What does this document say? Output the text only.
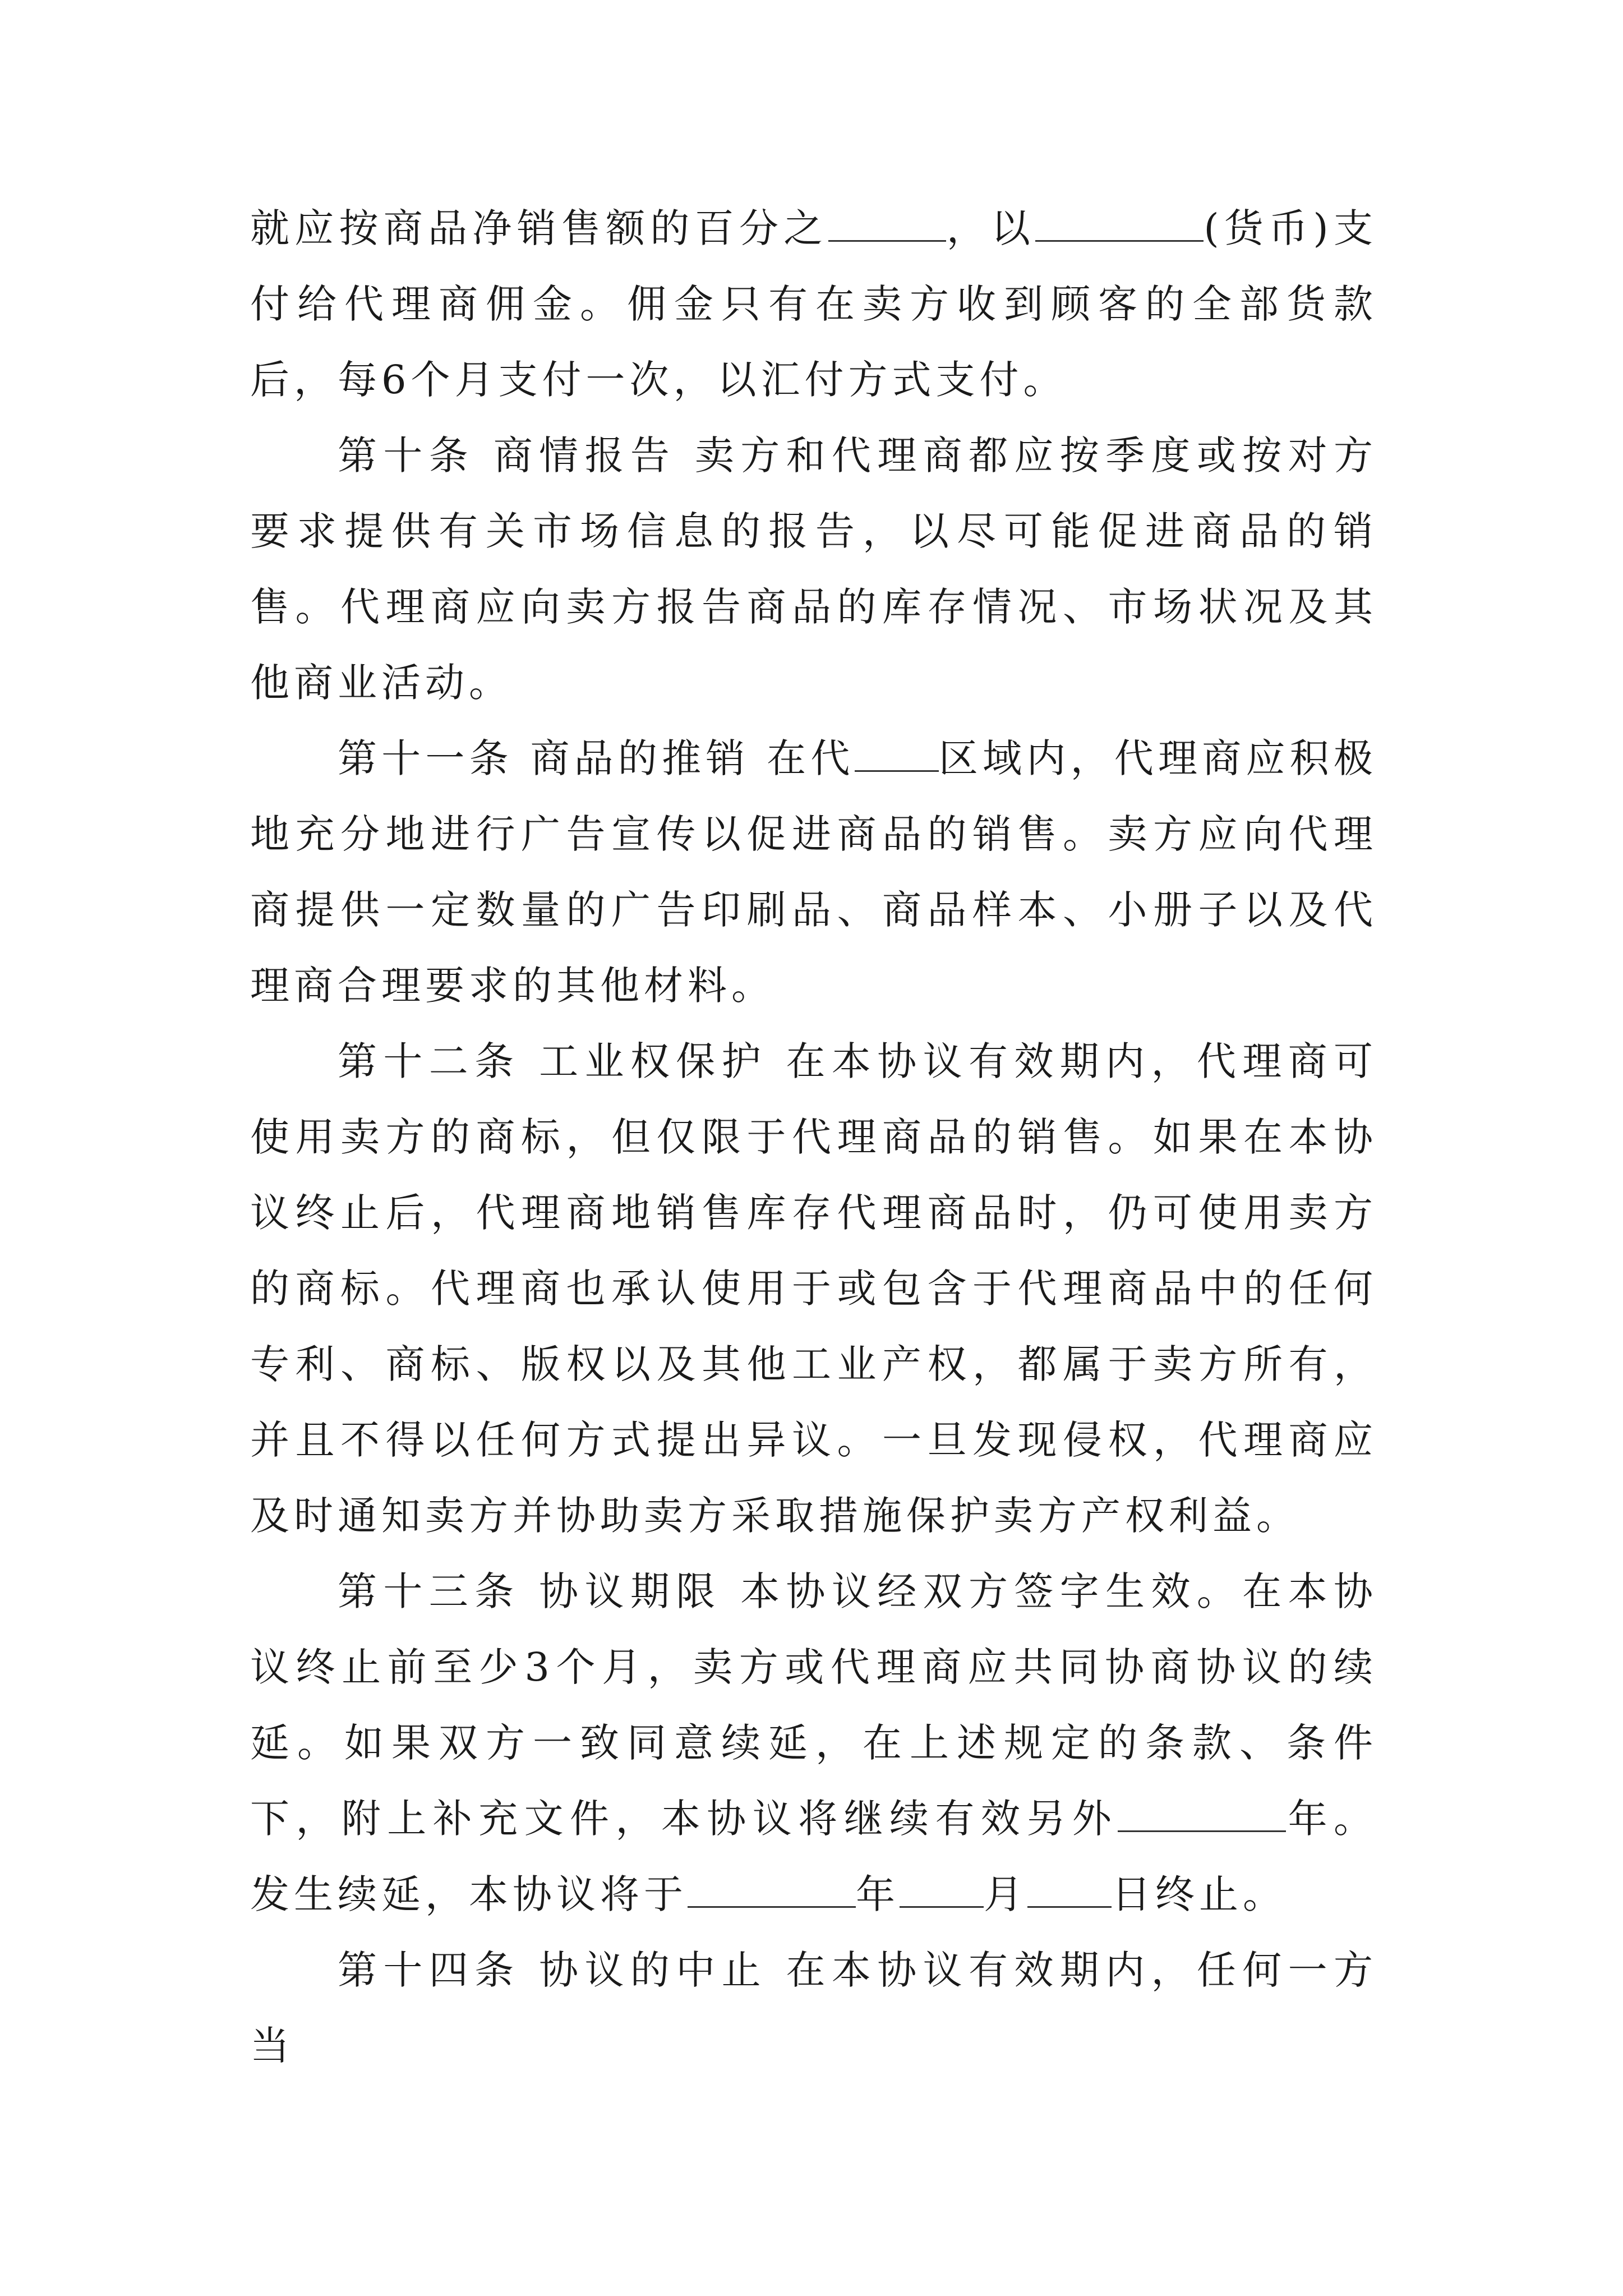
就应按商品净销售额的百分之	，以	(货币)支付给代理商佣金。佣金只有在卖方收到顾客的全部货款后，每6个月支付一次，以汇付方式支付。

第十条 商情报告 卖方和代理商都应按季度或按对方要求提供有关市场信息的报告，以尽可能促进商品的销售。代理商应向卖方报告商品的库存情况、市场状况及其他商业活动。

第十一条 商品的推销 在代 区域内，代理商应积极地充分地进行广告宣传以促进商品的销售。卖方应向代理商提供一定数量的广告印刷品、商品样本、小册子以及代理商合理要求的其他材料。

第十二条 工业权保护 在本协议有效期内，代理商可使用卖方的商标，但仅限于代理商品的销售。如果在本协议终止后，代理商地销售库存代理商品时，仍可使用卖方的商标。代理商也承认使用于或包含于代理商品中的任何专利、商标、版权以及其他工业产权，都属于卖方所有，并且不得以任何方式提出异议。一旦发现侵权，代理商应及时通知卖方并协助卖方采取措施保护卖方产权利益。

第十三条 协议期限 本协议经双方签字生效。在本协议终止前至少3个月，卖方或代理商应共同协商协议的续延。如果双方一致同意续延，在上述规定的条款、条件下，附上补充文件，本协议将继续有效另外	年。发生续延，本协议将于	年 月 日终止。

第十四条 协议的中止 在本协议有效期内，任何一方当
